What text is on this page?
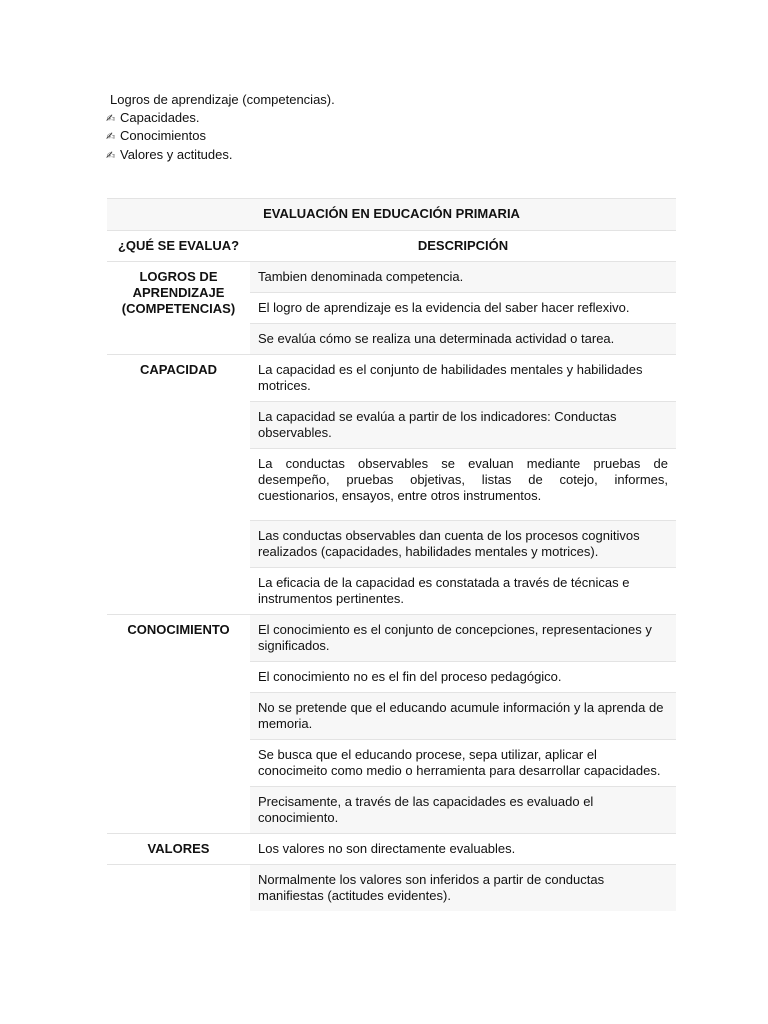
Logros de aprendizaje (competencias).
✍ Capacidades.
✍ Conocimientos
✍ Valores y actitudes.
EVALUACIÓN EN EDUCACIÓN PRIMARIA	
¿QUÉ SE EVALUA?	DESCRIPCIÓN
LOGROS DE APRENDIZAJE (COMPETENCIAS)	Tambien denominada competencia.
	El logro de aprendizaje es la evidencia del saber hacer reflexivo.
	Se evalúa cómo se realiza una determinada actividad o tarea.
CAPACIDAD	La capacidad es el conjunto de habilidades mentales y habilidades motrices.
	La capacidad se evalúa a partir de los indicadores: Conductas observables.
	La conductas observables se evaluan mediante pruebas de desempeño, pruebas objetivas, listas de cotejo, informes, cuestionarios, ensayos, entre otros instrumentos.
	Las conductas observables dan cuenta de los procesos cognitivos realizados (capacidades, habilidades mentales y motrices).
	La eficacia de la capacidad es constatada a través de técnicas e instrumentos pertinentes.
CONOCIMIENTO	El conocimiento es el conjunto de concepciones, representaciones y significados.
	El conocimiento no es el fin del proceso pedagógico.
	No se pretende que el educando acumule información y la aprenda de memoria.
	Se busca que el educando procese, sepa utilizar, aplicar el conocimeito como medio o herramienta para desarrollar capacidades.
	Precisamente, a través de las capacidades es evaluado el conocimiento.
VALORES	Los valores no son directamente evaluables.
	Normalmente los valores son inferidos a partir de conductas manifiestas (actitudes evidentes).
